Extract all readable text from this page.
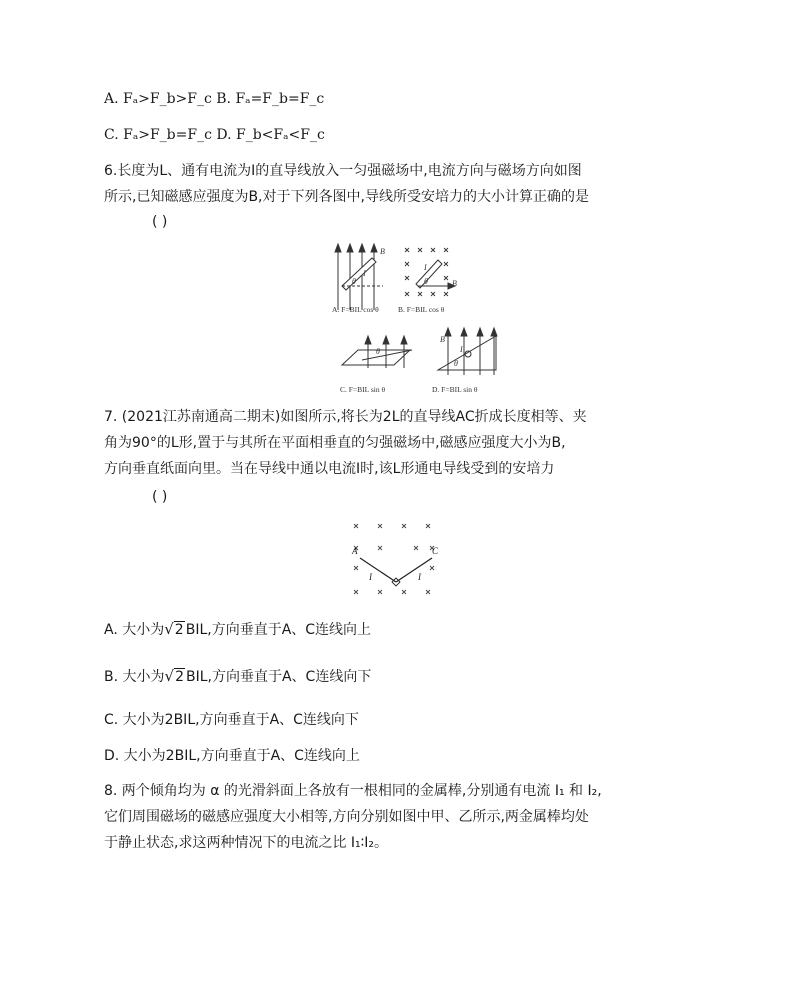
A. Fₐ>F_b>F_c B. Fₐ=F_b=F_c
C. Fₐ>F_b=F_c D. F_b<Fₐ<F_c
6.长度为L、通有电流为I的直导线放入一匀强磁场中,电流方向与磁场方向如图
所示,已知磁感应强度为B,对于下列各图中,导线所受安培力的大小计算正确的是
( )
B
I
θ
I
θ	B
θ
B
I
θ
A. F=BIL cos θ	B. F=BIL cos θ
C. F=BIL sin θ	D. F=BIL sin θ
7. (2021江苏南通高二期末)如图所示,将长为2L的直导线AC折成长度相等、夹
角为90°的L形,置于与其所在平面相垂直的匀强磁场中,磁感应强度大小为B,
方向垂直纸面向里。当在导线中通以电流I时,该L形通电导线受到的安培力
( )
A	C
I	I
A. 大小为√2 BIL,方向垂直于A、C连线向上
B. 大小为√2 BIL,方向垂直于A、C连线向下
C. 大小为2BIL,方向垂直于A、C连线向下
D. 大小为2BIL,方向垂直于A、C连线向上
8. 两个倾角均为 α 的光滑斜面上各放有一根相同的金属棒,分别通有电流 I₁ 和 I₂,
它们周围磁场的磁感应强度大小相等,方向分别如图中甲、乙所示,两金属棒均处
于静止状态,求这两种情况下的电流之比 I₁∶I₂。
